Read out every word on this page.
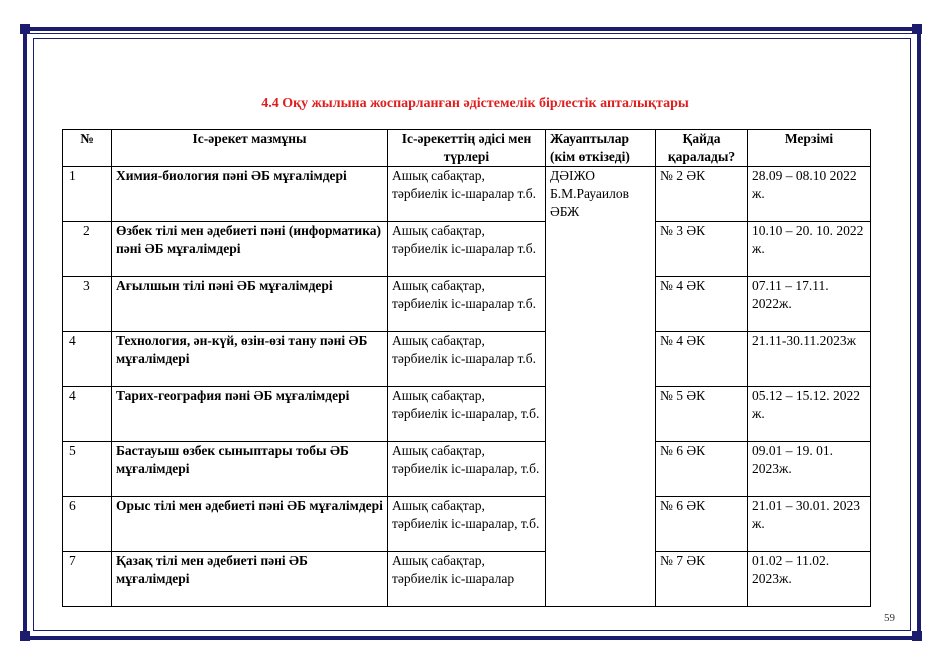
4.4 Оқу жылына жоспарланған әдістемелік бірлестік апталықтары
№	Іс-әрекет мазмұны	Іс-әрекеттің әдісі мен түрлері	Жауаптылар (кім өткізеді)	Қайда қаралады?	Мерзімі
1	Химия-биология пәні ӘБ мұғалімдері	Ашық сабақтар, тәрбиелік іс-шаралар т.б.	ДӘІЖО Б.М.Рауаилов ӘБЖ	№ 2 ӘК	28.09 – 08.10 2022 ж.
2	Өзбек тілі мен әдебиеті пәні (информатика) пәні ӘБ мұғалімдері	Ашық сабақтар, тәрбиелік іс-шаралар т.б.		№ 3 ӘК	10.10 – 20. 10. 2022 ж.
3	Ағылшын тілі пәні ӘБ мұғалімдері	Ашық сабақтар, тәрбиелік іс-шаралар т.б.		№ 4 ӘК	07.11 – 17.11. 2022ж.
4	Технология, ән-күй, өзін-өзі тану пәні ӘБ мұғалімдері	Ашық сабақтар, тәрбиелік іс-шаралар т.б.		№ 4 ӘК	21.11-30.11.2023ж
4	Тарих-география пәні ӘБ мұғалімдері	Ашық сабақтар, тәрбиелік іс-шаралар, т.б.		№ 5 ӘК	05.12 – 15.12. 2022 ж.
5	Бастауыш өзбек сыныптары тобы ӘБ мұғалімдері	Ашық сабақтар, тәрбиелік іс-шаралар, т.б.		№ 6 ӘК	09.01 – 19. 01. 2023ж.
6	Орыс тілі мен әдебиеті пәні ӘБ мұғалімдері	Ашық сабақтар, тәрбиелік іс-шаралар, т.б.		№ 6 ӘК	21.01 – 30.01. 2023 ж.
7	Қазақ тілі мен әдебиеті пәні ӘБ мұғалімдері	Ашық сабақтар, тәрбиелік іс-шаралар		№ 7 ӘК	01.02 – 11.02. 2023ж.
59
